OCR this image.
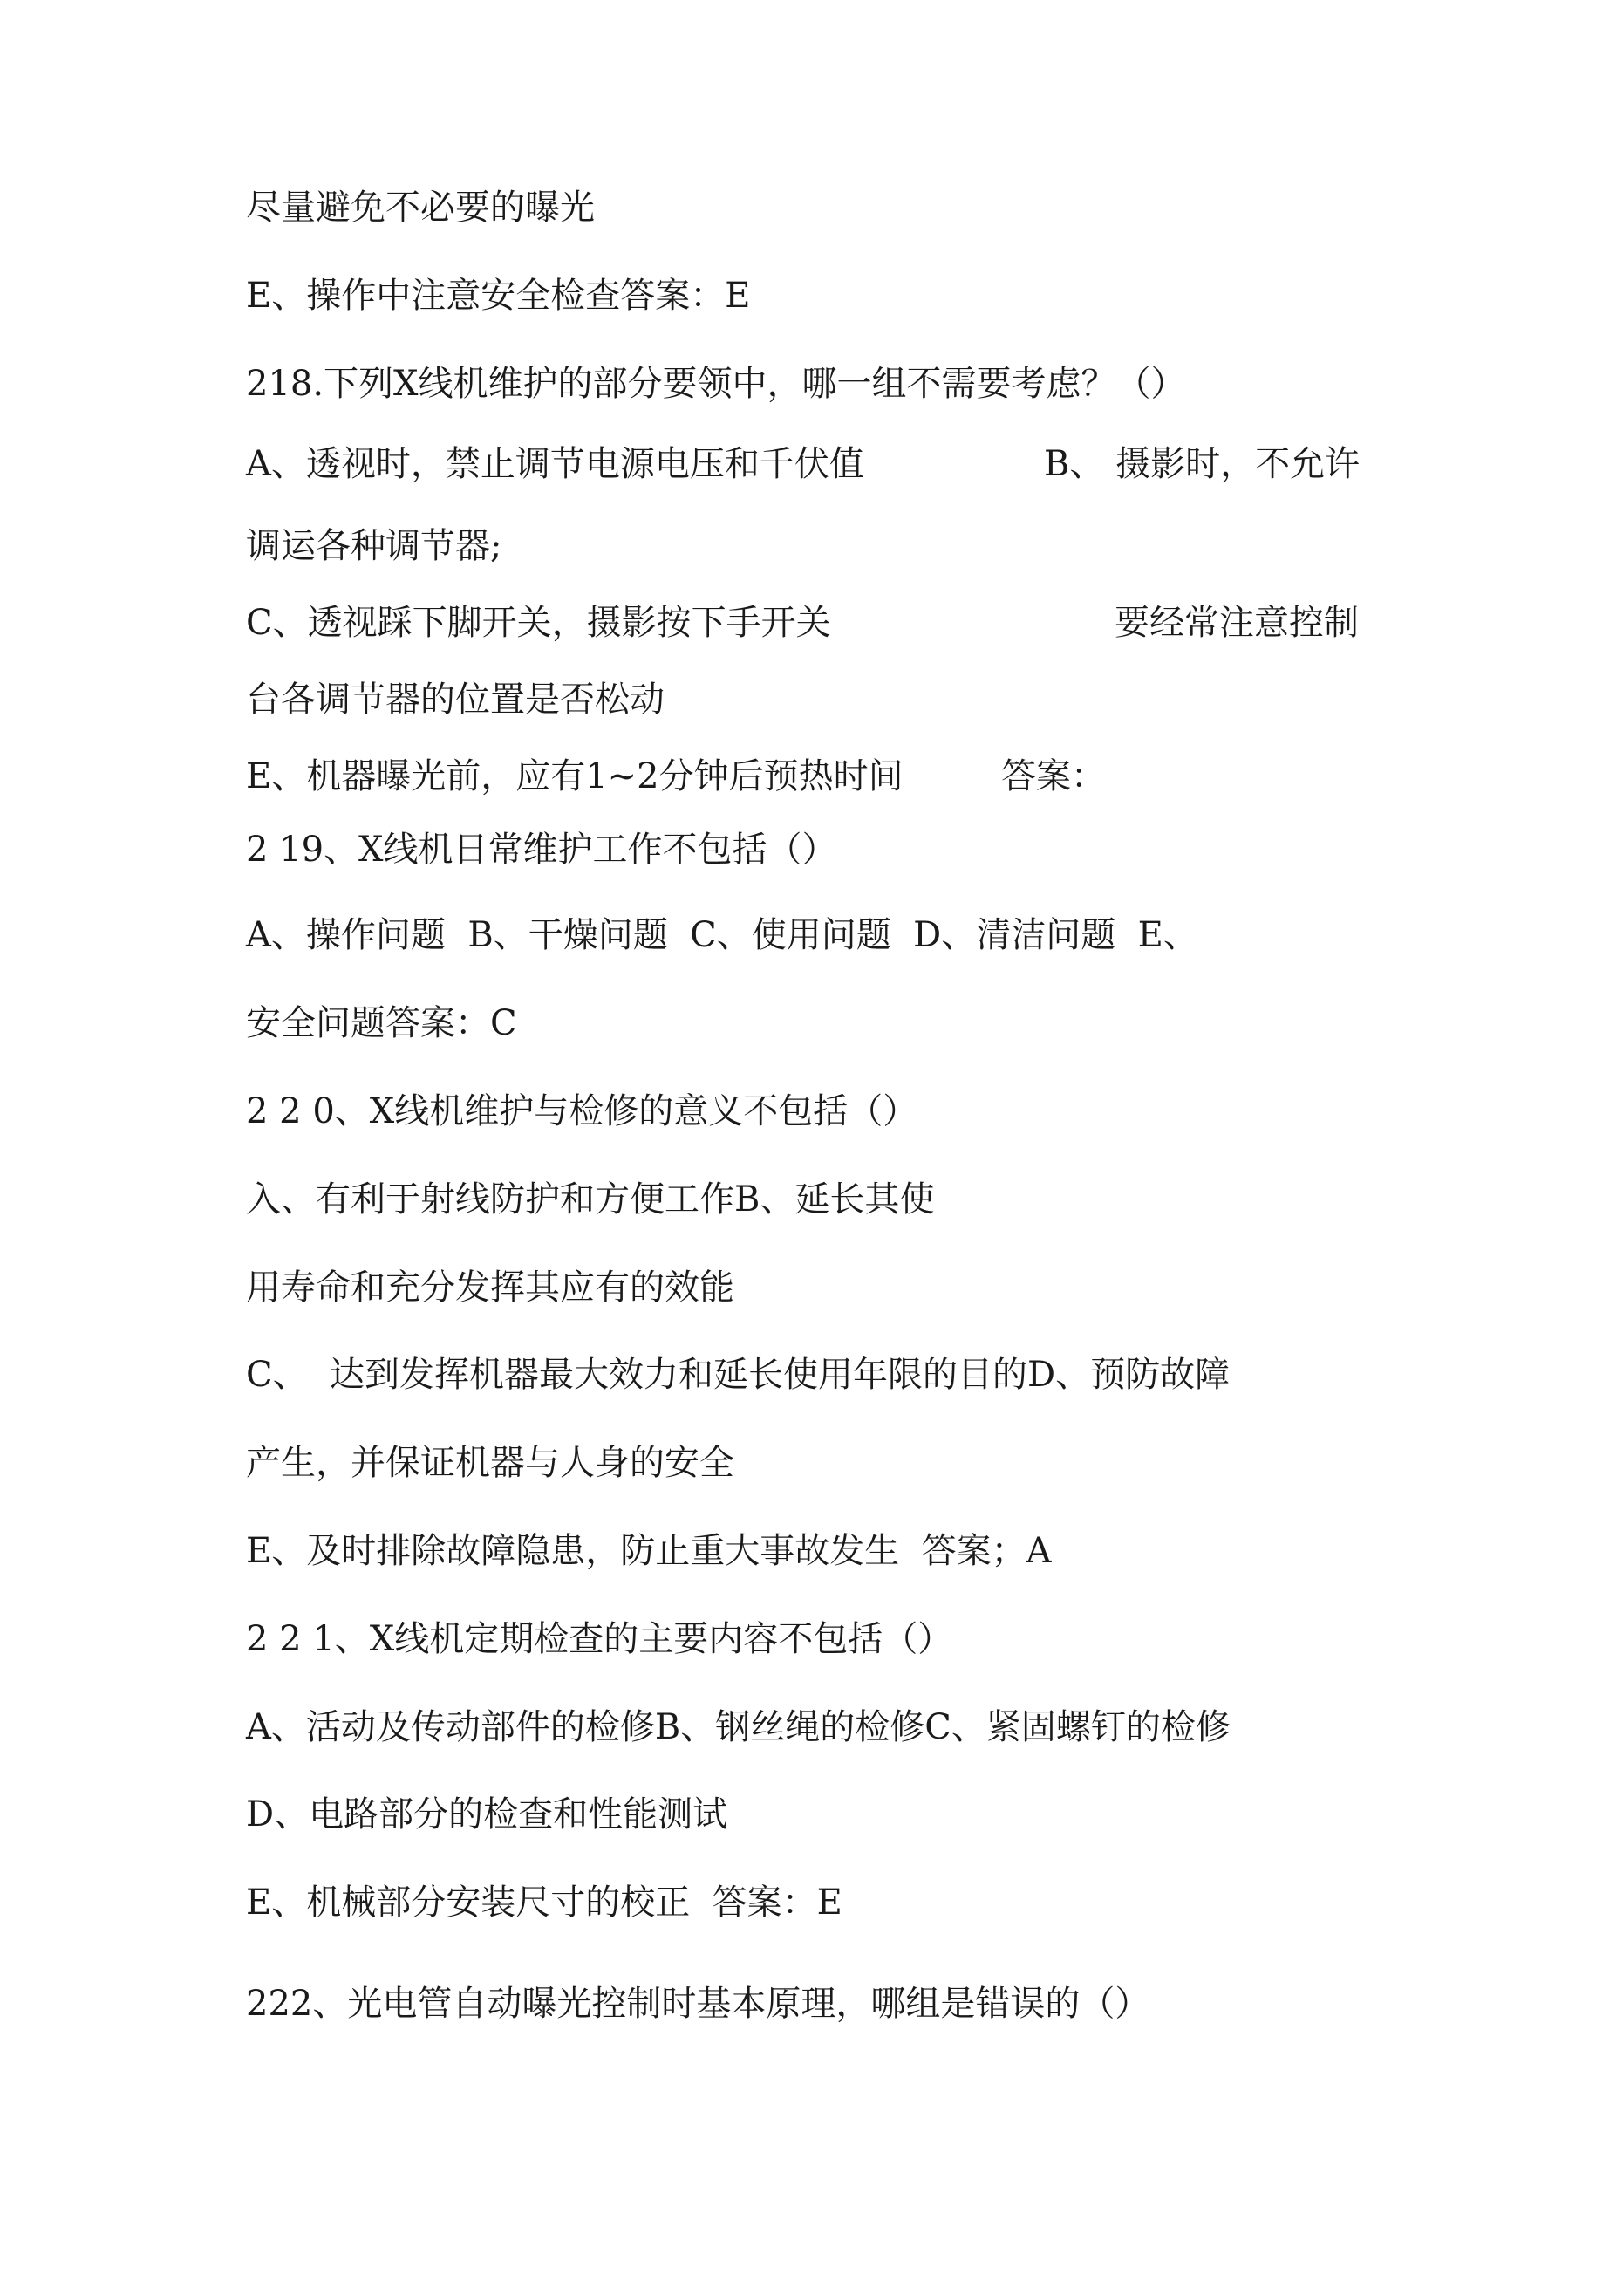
尽量避免不必要的曝光
E、操作中注意安全检查答案：E
218.下列X线机维护的部分要领中，哪一组不需要考虑？（）
A、透视时，禁止调节电源电压和千伏值	B、 摄影时，不允许
调运各种调节器;
C、透视踩下脚开关，摄影按下手开关	要经常注意控制
台各调节器的位置是否松动
E、机器曝光前，应有1~2分钟后预热时间	答案：
2 19、X线机日常维护工作不包括（）
A、操作问题  B、干燥问题  C、使用问题  D、清洁问题  E、
安全问题答案：C
2 2 0、X线机维护与检修的意义不包括（）
入、有利于射线防护和方便工作B、延长其使
用寿命和充分发挥其应有的效能
C、  达到发挥机器最大效力和延长使用年限的目的D、预防故障
产生，并保证机器与人身的安全
E、及时排除故障隐患，防止重大事故发生  答案；A
2 2 1、X线机定期检查的主要内容不包括（）
A、活动及传动部件的检修B、钢丝绳的检修C、紧固螺钉的检修
D、电路部分的检查和性能测试
E、机械部分安装尺寸的校正  答案：E
222、光电管自动曝光控制时基本原理，哪组是错误的（）
